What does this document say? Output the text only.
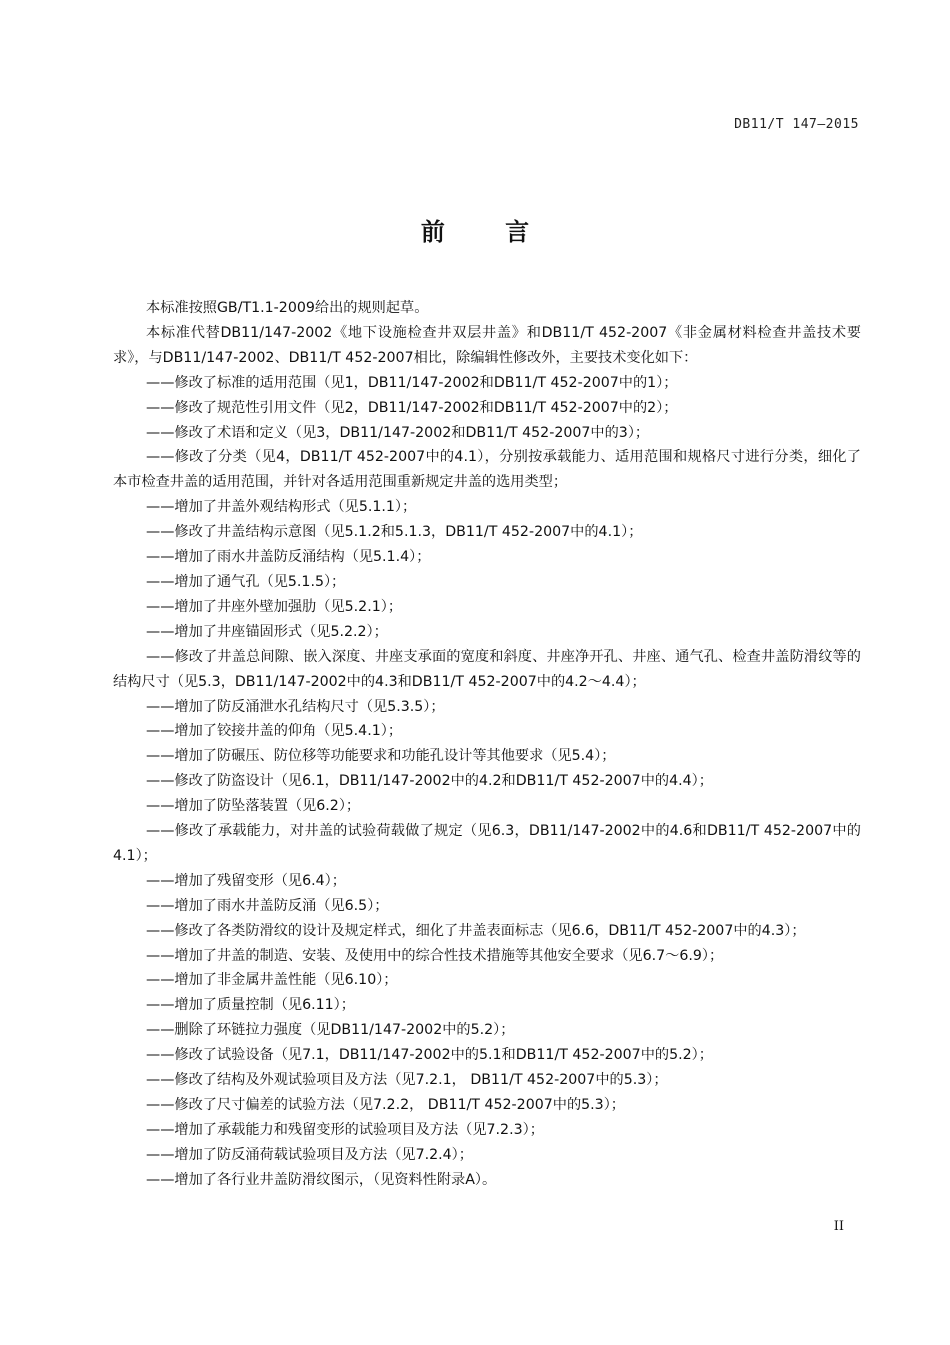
DB11/T 147—2015
前 言

本标准按照GB/T1.1-2009给出的规则起草。

本标准代替DB11/147-2002《地下设施检查井双层井盖》和DB11/T 452-2007《非金属材料检查井盖技术要求》，与DB11/147-2002、DB11/T 452-2007相比，除编辑性修改外，主要技术变化如下：

——修改了标准的适用范围（见1，DB11/147-2002和DB11/T 452-2007中的1）；

——修改了规范性引用文件（见2，DB11/147-2002和DB11/T 452-2007中的2）；

——修改了术语和定义（见3，DB11/147-2002和DB11/T 452-2007中的3）；

——修改了分类（见4，DB11/T 452-2007中的4.1），分别按承载能力、适用范围和规格尺寸进行分类，细化了本市检查井盖的适用范围，并针对各适用范围重新规定井盖的选用类型；

——增加了井盖外观结构形式（见5.1.1）；

——修改了井盖结构示意图（见5.1.2和5.1.3，DB11/T 452-2007中的4.1）；

——增加了雨水井盖防反涌结构（见5.1.4）；

——增加了通气孔（见5.1.5）；

——增加了井座外壁加强肋（见5.2.1）；

——增加了井座锚固形式（见5.2.2）；

——修改了井盖总间隙、嵌入深度、井座支承面的宽度和斜度、井座净开孔、井座、通气孔、检查井盖防滑纹等的结构尺寸（见5.3，DB11/147-2002中的4.3和DB11/T 452-2007中的4.2～4.4）；

——增加了防反涌泄水孔结构尺寸（见5.3.5）；

——增加了铰接井盖的仰角（见5.4.1）；

——增加了防碾压、防位移等功能要求和功能孔设计等其他要求（见5.4）；

——修改了防盗设计（见6.1，DB11/147-2002中的4.2和DB11/T 452-2007中的4.4）；

——增加了防坠落装置（见6.2）；

——修改了承载能力，对井盖的试验荷载做了规定（见6.3，DB11/147-2002中的4.6和DB11/T 452-2007中的4.1）；

——增加了残留变形（见6.4）；

——增加了雨水井盖防反涌（见6.5）；

——修改了各类防滑纹的设计及规定样式，细化了井盖表面标志（见6.6，DB11/T 452-2007中的4.3）；

——增加了井盖的制造、安装、及使用中的综合性技术措施等其他安全要求（见6.7～6.9）；

——增加了非金属井盖性能（见6.10）；

——增加了质量控制（见6.11）；

——删除了环链拉力强度（见DB11/147-2002中的5.2）；

——修改了试验设备（见7.1，DB11/147-2002中的5.1和DB11/T 452-2007中的5.2）；

——修改了结构及外观试验项目及方法（见7.2.1， DB11/T 452-2007中的5.3）；

——修改了尺寸偏差的试验方法（见7.2.2， DB11/T 452-2007中的5.3）；

——增加了承载能力和残留变形的试验项目及方法（见7.2.3）；

——增加了防反涌荷载试验项目及方法（见7.2.4）；

——增加了各行业井盖防滑纹图示，（见资料性附录A）。

II
